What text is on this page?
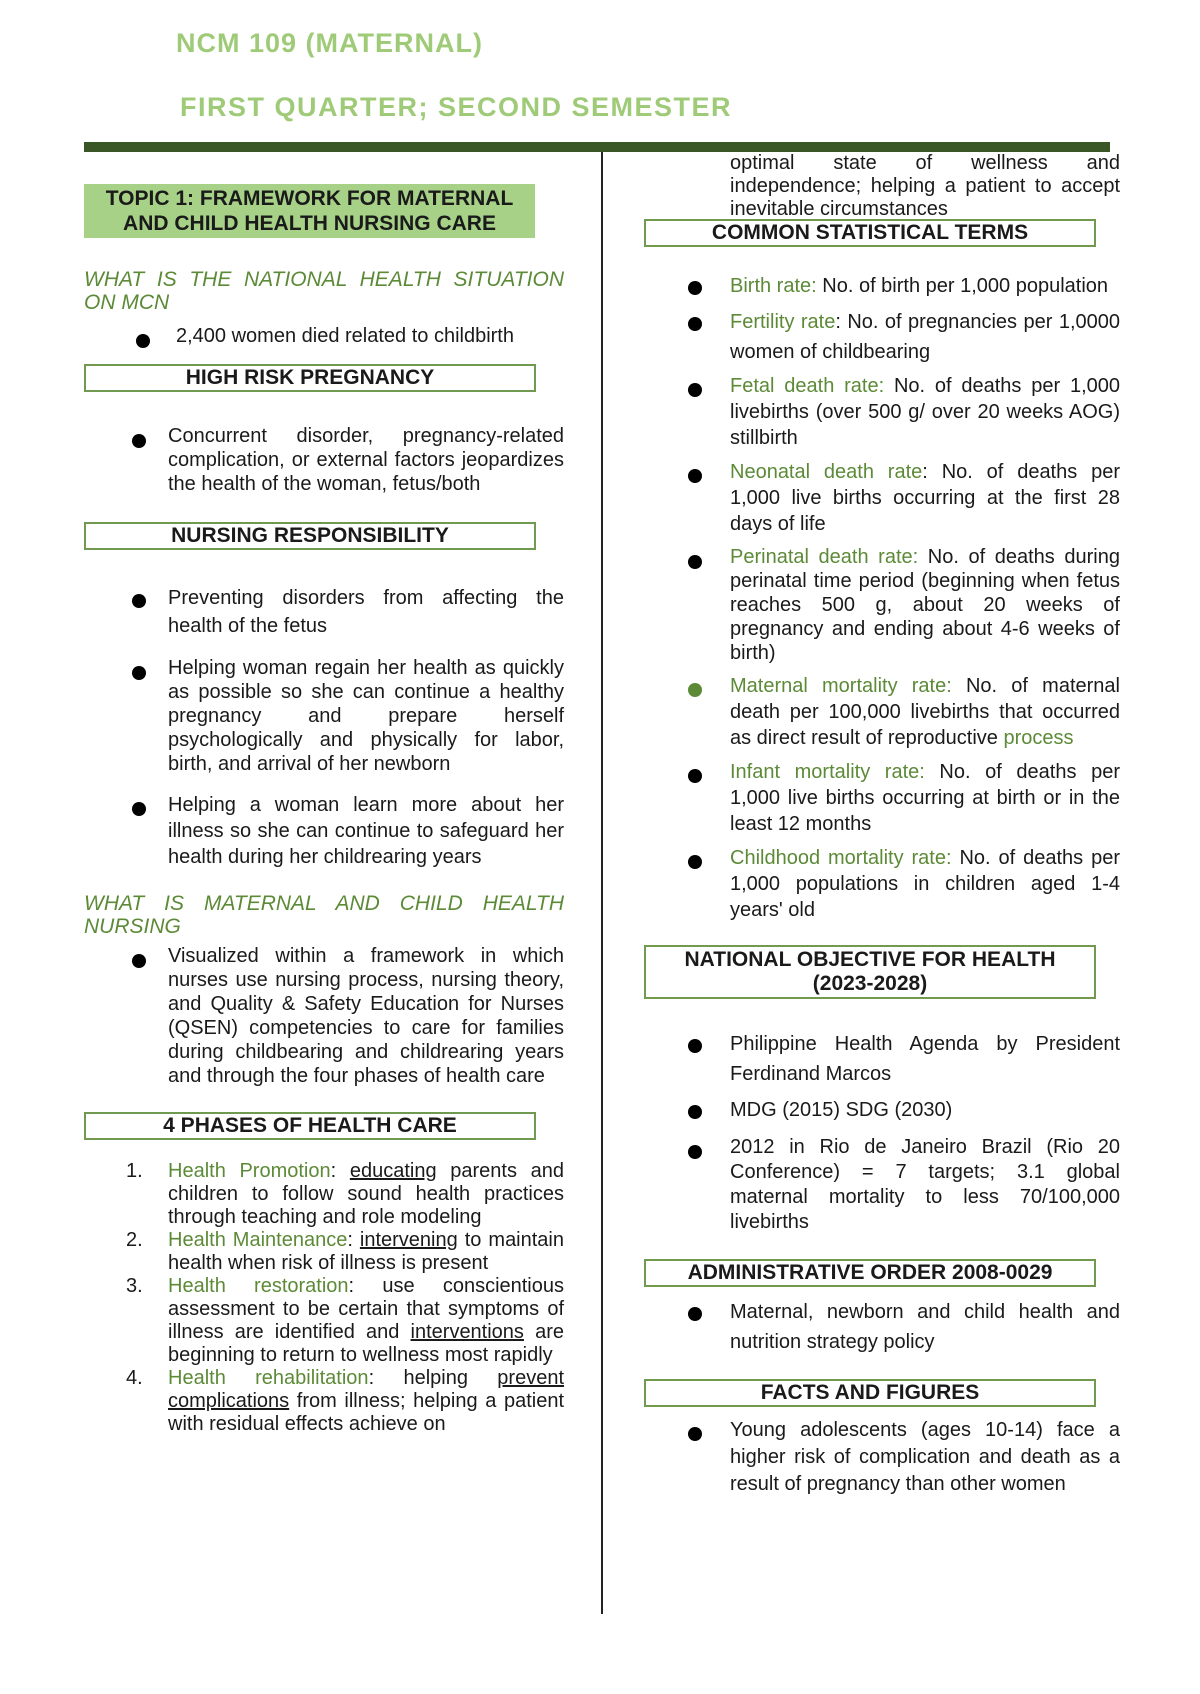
NCM 109 (MATERNAL)
FIRST QUARTER; SECOND SEMESTER
TOPIC 1: FRAMEWORK FOR MATERNAL
AND CHILD HEALTH NURSING CARE
WHAT IS THE NATIONAL HEALTH SITUATION ON MCN
2,400 women died related to childbirth
HIGH RISK PREGNANCY
Concurrent disorder, pregnancy-related complication, or external factors jeopardizes the health of the woman, fetus/both
NURSING RESPONSIBILITY
Preventing disorders from affecting the health of the fetus
Helping woman regain her health as quickly as possible so she can continue a healthy pregnancy and prepare herself psychologically and physically for labor, birth, and arrival of her newborn
Helping a woman learn more about her illness so she can continue to safeguard her health during her childrearing years
WHAT IS MATERNAL AND CHILD HEALTH NURSING
Visualized within a framework in which nurses use nursing process, nursing theory, and Quality & Safety Education for Nurses (QSEN) competencies to care for families during childbearing and childrearing years and through the four phases of health care
4 PHASES OF HEALTH CARE
1. Health Promotion: educating parents and children to follow sound health practices through teaching and role modeling
2. Health Maintenance: intervening to maintain health when risk of illness is present
3. Health restoration: use conscientious assessment to be certain that symptoms of illness are identified and interventions are beginning to return to wellness most rapidly
4. Health rehabilitation: helping prevent complications from illness; helping a patient with residual effects achieve on
optimal state of wellness and independence; helping a patient to accept inevitable circumstances
COMMON STATISTICAL TERMS
Birth rate: No. of birth per 1,000 population
Fertility rate: No. of pregnancies per 1,0000 women of childbearing
Fetal death rate: No. of deaths per 1,000 livebirths (over 500 g/ over 20 weeks AOG) stillbirth
Neonatal death rate: No. of deaths per 1,000 live births occurring at the first 28 days of life
Perinatal death rate: No. of deaths during perinatal time period (beginning when fetus reaches 500 g, about 20 weeks of pregnancy and ending about 4-6 weeks of birth)
Maternal mortality rate: No. of maternal death per 100,000 livebirths that occurred as direct result of reproductive process
Infant mortality rate: No. of deaths per 1,000 live births occurring at birth or in the least 12 months
Childhood mortality rate: No. of deaths per 1,000 populations in children aged 1-4 years' old
NATIONAL OBJECTIVE FOR HEALTH
(2023-2028)
Philippine Health Agenda by President Ferdinand Marcos
MDG (2015) SDG (2030)
2012 in Rio de Janeiro Brazil (Rio 20 Conference) = 7 targets; 3.1 global maternal mortality to less 70/100,000 livebirths
ADMINISTRATIVE ORDER 2008-0029
Maternal, newborn and child health and nutrition strategy policy
FACTS AND FIGURES
Young adolescents (ages 10-14) face a higher risk of complication and death as a result of pregnancy than other women
